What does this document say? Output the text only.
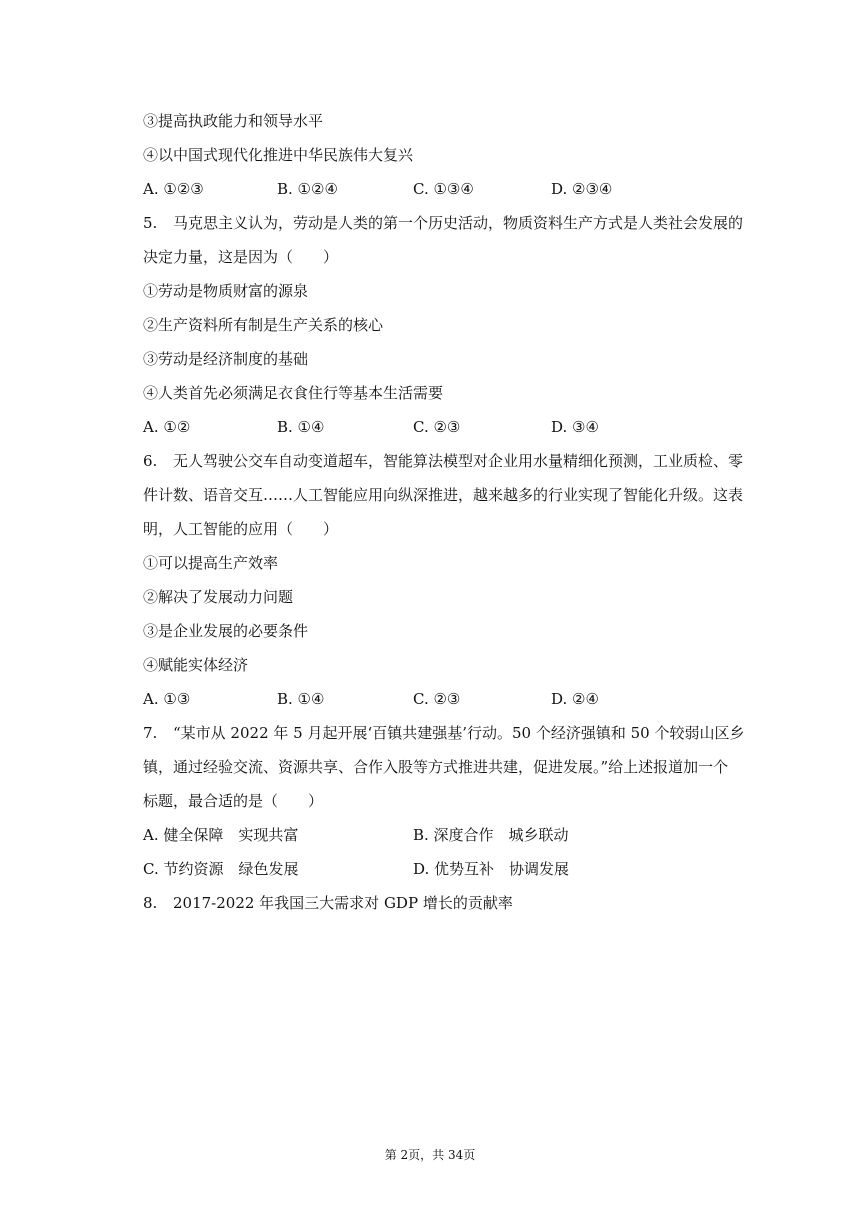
③提高执政能力和领导水平
④以中国式现代化推进中华民族伟大复兴
A. ①②③	B. ①②④	C. ①③④	D. ②③④
5. 马克思主义认为，劳动是人类的第一个历史活动，物质资料生产方式是人类社会发展的
决定力量，这是因为（　　）
①劳动是物质财富的源泉
②生产资料所有制是生产关系的核心
③劳动是经济制度的基础
④人类首先必须满足衣食住行等基本生活需要
A. ①②	B. ①④	C. ②③	D. ③④
6. 无人驾驶公交车自动变道超车，智能算法模型对企业用水量精细化预测，工业质检、零
件计数、语音交互……人工智能应用向纵深推进，越来越多的行业实现了智能化升级。这表
明，人工智能的应用（　　）
①可以提高生产效率
②解决了发展动力问题
③是企业发展的必要条件
④赋能实体经济
A. ①③	B. ①④	C. ②③	D. ②④
7. “某市从 2022 年 5 月起开展‘百镇共建强基’行动。50 个经济强镇和 50 个较弱山区乡
镇，通过经验交流、资源共享、合作入股等方式推进共建，促进发展。”给上述报道加一个
标题，最合适的是（　　）
A. 健全保障　实现共富	B. 深度合作　城乡联动
C. 节约资源　绿色发展	D. 优势互补　协调发展
8. 2017-2022 年我国三大需求对 GDP 增长的贡献率
第 2页，共 34页
